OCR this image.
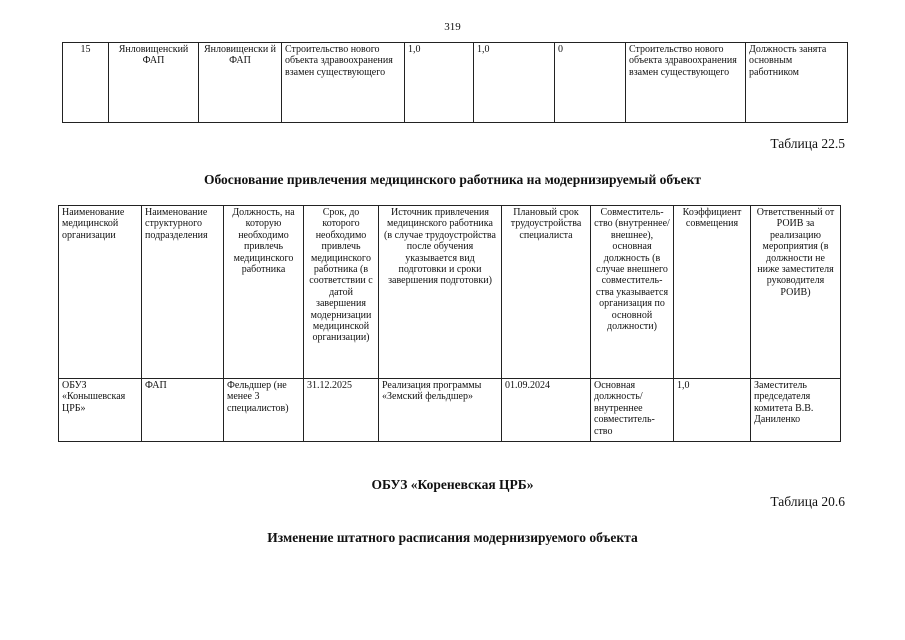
319
15	Янловищенский ФАП	Янловищенски й ФАП	Строительство нового объекта здравоохранения взамен существующего	1,0	1,0	0	Строительство нового объекта здравоохранения взамен существующего	Должность занята основным работником
Таблица 22.5
Обоснование привлечения медицинского работника на модернизируемый объект
Наименование медицинской организации	Наименование структурного подразделения	Должность, на которую необходимо привлечь медицинского работника	Срок, до которого необходимо привлечь медицинскогo работника (в соответствии с датой завершения модернизации медицинской организации)	Источник привлечения медицинского работника (в случае трудоустройства после обучения указывается вид подготовки и сроки завершения подготовки)	Плановый срок трудоустройства специалиста	Совместитель-ство (внутреннее/ внешнее), основная должность (в случае внешнего совместитель-ства указывается организация по основной должности)	Коэффициент совмещения	Ответственный от РОИВ за реализацию мероприятия (в должности не ниже заместителя руководителя РОИВ)
ОБУЗ «Конышевская ЦРБ»	ФАП	Фельдшер (не менее 3 специалистов)	31.12.2025	Реализация программы «Земский фельдшер»	01.09.2024	Основная должность/ внутреннее совместитель-ство	1,0	Заместитель председателя комитета В.В. Даниленко
ОБУЗ «Кореневская ЦРБ»
Таблица 20.6
Изменение штатного расписания модернизируемого объекта
